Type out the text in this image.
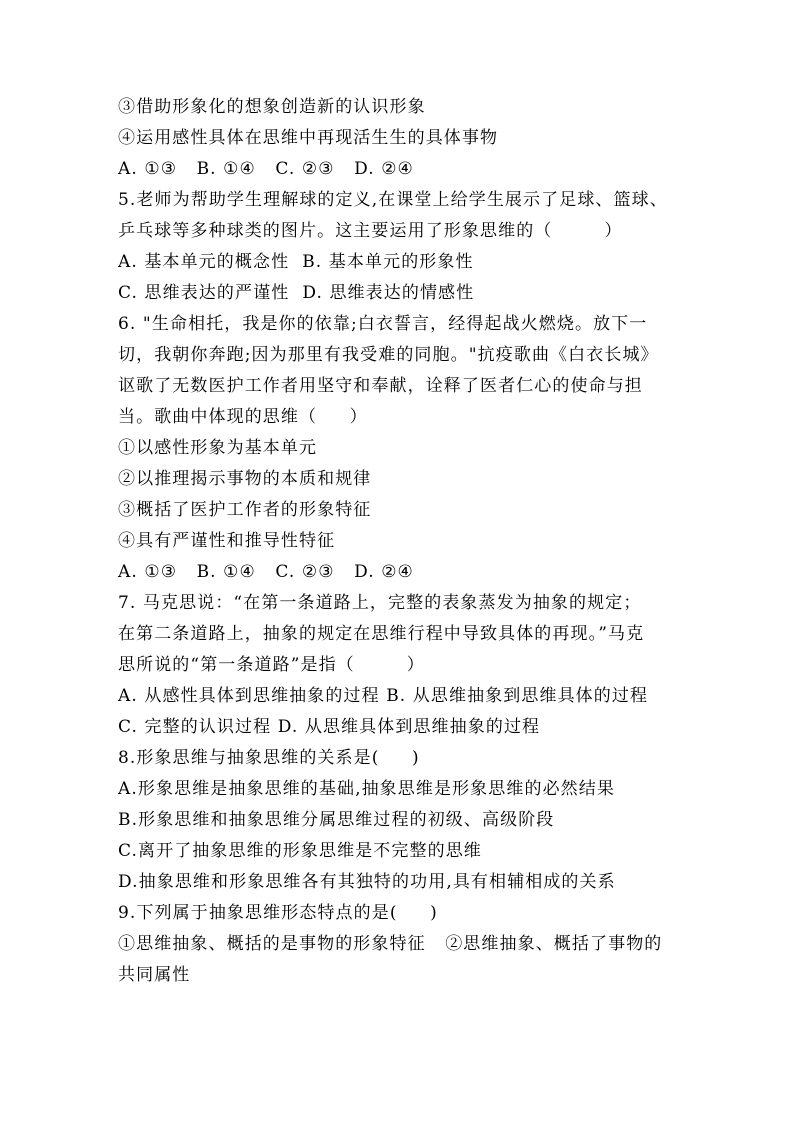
③借助形象化的想象创造新的认识形象
④运用感性具体在思维中再现活生生的具体事物
A. ①③   B. ①④   C. ②③   D. ②④
5.老师为帮助学生理解球的定义,在课堂上给学生展示了足球、篮球、
乒乓球等多种球类的图片。这主要运用了形象思维的（        ）
A. 基本单元的概念性  B. 基本单元的形象性
C. 思维表达的严谨性  D. 思维表达的情感性
6. "生命相托，我是你的依靠;白衣誓言，经得起战火燃烧。放下一
切，我朝你奔跑;因为那里有我受难的同胞。"抗疫歌曲《白衣长城》
讴歌了无数医护工作者用坚守和奉献，诠释了医者仁心的使命与担
当。歌曲中体现的思维（     ）
①以感性形象为基本单元
②以推理揭示事物的本质和规律
③概括了医护工作者的形象特征
④具有严谨性和推导性特征
A. ①③   B. ①④   C. ②③   D. ②④
7. 马克思说：“在第一条道路上，完整的表象蒸发为抽象的规定；
在第二条道路上，抽象的规定在思维行程中导致具体的再现。”马克
思所说的“第一条道路”是指（        ）
A. 从感性具体到思维抽象的过程 B. 从思维抽象到思维具体的过程
C. 完整的认识过程 D. 从思维具体到思维抽象的过程
8.形象思维与抽象思维的关系是(     )
A.形象思维是抽象思维的基础,抽象思维是形象思维的必然结果
B.形象思维和抽象思维分属思维过程的初级、高级阶段
C.离开了抽象思维的形象思维是不完整的思维
D.抽象思维和形象思维各有其独特的功用,具有相辅相成的关系
9.下列属于抽象思维形态特点的是(     )
①思维抽象、概括的是事物的形象特征   ②思维抽象、概括了事物的
共同属性
